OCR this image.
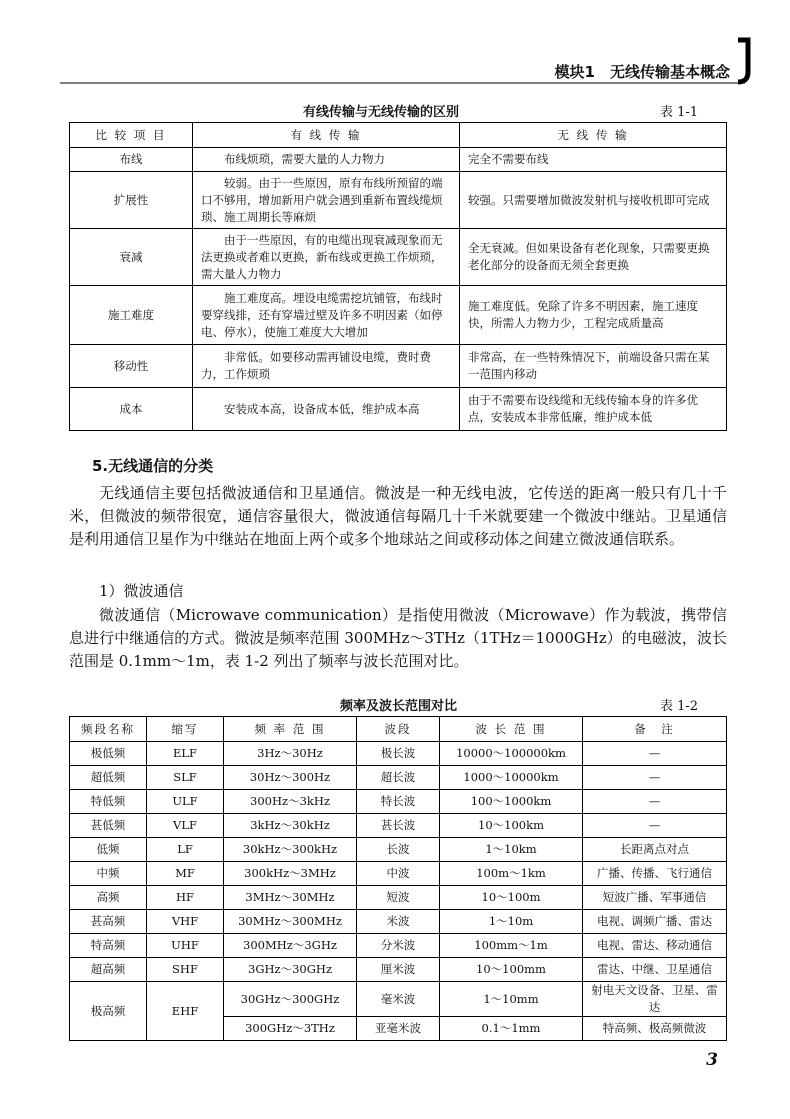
模块1　无线传输基本概念
有线传输与无线传输的区别	表 1-1
比 较 项 目	有 线 传 输	无 线 传 输
布线	布线烦琐，需要大量的人力物力	完全不需要布线
扩展性	较弱。由于一些原因，原有布线所预留的端口不够用，增加新用户就会遇到重新布置线缆烦琐、施工周期长等麻烦	较强。只需要增加微波发射机与接收机即可完成
衰减	由于一些原因，有的电缆出现衰减现象而无法更换或者难以更换，新布线或更换工作烦琐，需大量人力物力	全无衰减。但如果设备有老化现象，只需要更换老化部分的设备而无须全套更换
施工难度	施工难度高。埋设电缆需挖坑铺管，布线时要穿线排，还有穿墙过壁及许多不明因素（如停电、停水），使施工难度大大增加	施工难度低。免除了许多不明因素，施工速度快，所需人力物力少，工程完成质量高
移动性	非常低。如要移动需再铺设电缆，费时费力，工作烦琐	非常高，在一些特殊情况下，前端设备只需在某一范围内移动
成本	安装成本高，设备成本低，维护成本高	由于不需要布设线缆和无线传输本身的许多优点，安装成本非常低廉，维护成本低
5.无线通信的分类

无线通信主要包括微波通信和卫星通信。微波是一种无线电波，它传送的距离一般只有几十千米，但微波的频带很宽，通信容量很大，微波通信每隔几十千米就要建一个微波中继站。卫星通信是利用通信卫星作为中继站在地面上两个或多个地球站之间或移动体之间建立微波通信联系。

1）微波通信

微波通信（Microwave communication）是指使用微波（Microwave）作为载波，携带信息进行中继通信的方式。微波是频率范围 300MHz～3THz（1THz＝1000GHz）的电磁波，波长范围是 0.1mm～1m，表 1-2 列出了频率与波长范围对比。

频率及波长范围对比	表 1-2
频段名称	缩写	频 率 范 围	波段	波 长 范 围	备　注
极低频	ELF	3Hz～30Hz	极长波	10000～100000km	—
超低频	SLF	30Hz～300Hz	超长波	1000～10000km	—
特低频	ULF	300Hz～3kHz	特长波	100～1000km	—
甚低频	VLF	3kHz～30kHz	甚长波	10～100km	—
低频	LF	30kHz～300kHz	长波	1～10km	长距离点对点
中频	MF	300kHz～3MHz	中波	100m～1km	广播、传播、飞行通信
高频	HF	3MHz～30MHz	短波	10～100m	短波广播、军事通信
甚高频	VHF	30MHz～300MHz	米波	1～10m	电视、调频广播、雷达
特高频	UHF	300MHz～3GHz	分米波	100mm～1m	电视、雷达、移动通信
超高频	SHF	3GHz～30GHz	厘米波	10～100mm	雷达、中继、卫星通信
极高频	EHF	30GHz～300GHz	毫米波	1～10mm	射电天文设备、卫星、雷达
		300GHz～3THz	亚毫米波	0.1～1mm	特高频、极高频微波
3
